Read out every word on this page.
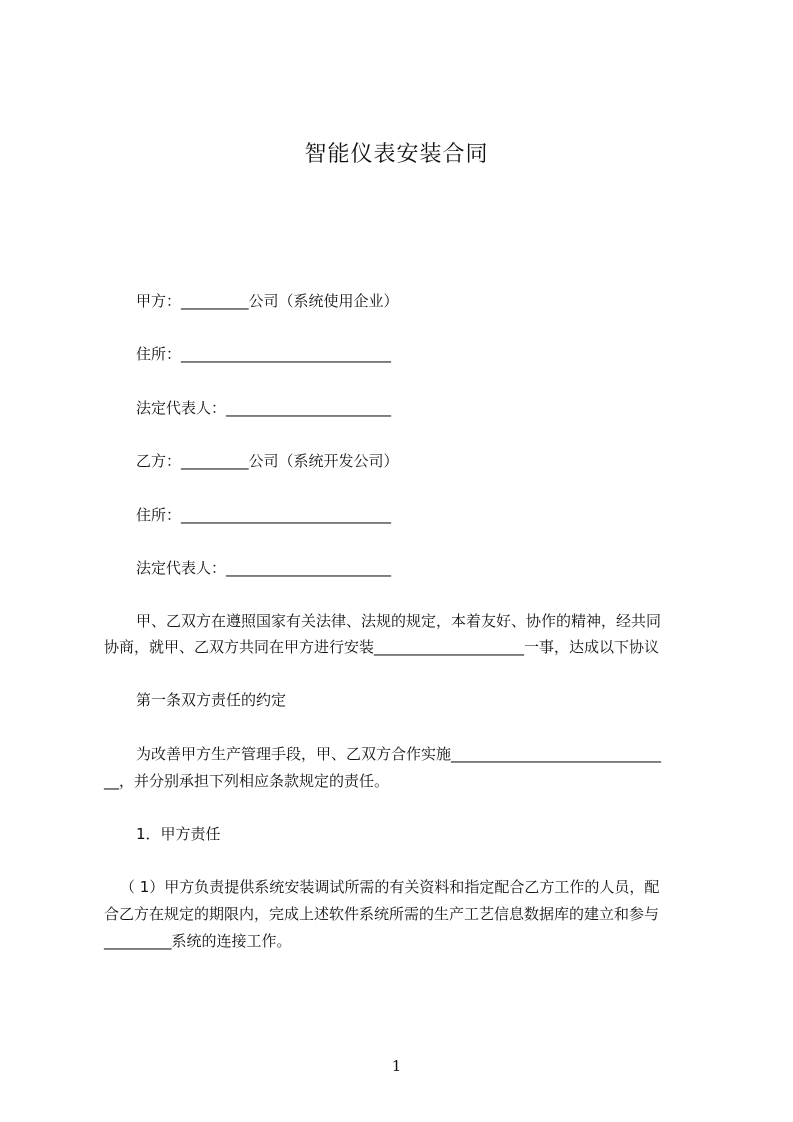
智能仪表安装合同
甲方：_________公司（系统使用企业）
住所：____________________________
法定代表人：______________________
乙方：_________公司（系统开发公司）
住所：____________________________
法定代表人：______________________
甲、乙双方在遵照国家有关法律、法规的规定，本着友好、协作的精神，经共同
协商，就甲、乙双方共同在甲方进行安装____________________一事，达成以下协议
第一条双方责任的约定
为改善甲方生产管理手段，甲、乙双方合作实施____________________________
__，并分别承担下列相应条款规定的责任。
1．甲方责任
（ 1）甲方负责提供系统安装调试所需的有关资料和指定配合乙方工作的人员，配
合乙方在规定的期限内，完成上述软件系统所需的生产工艺信息数据库的建立和参与
_________系统的连接工作。
1
